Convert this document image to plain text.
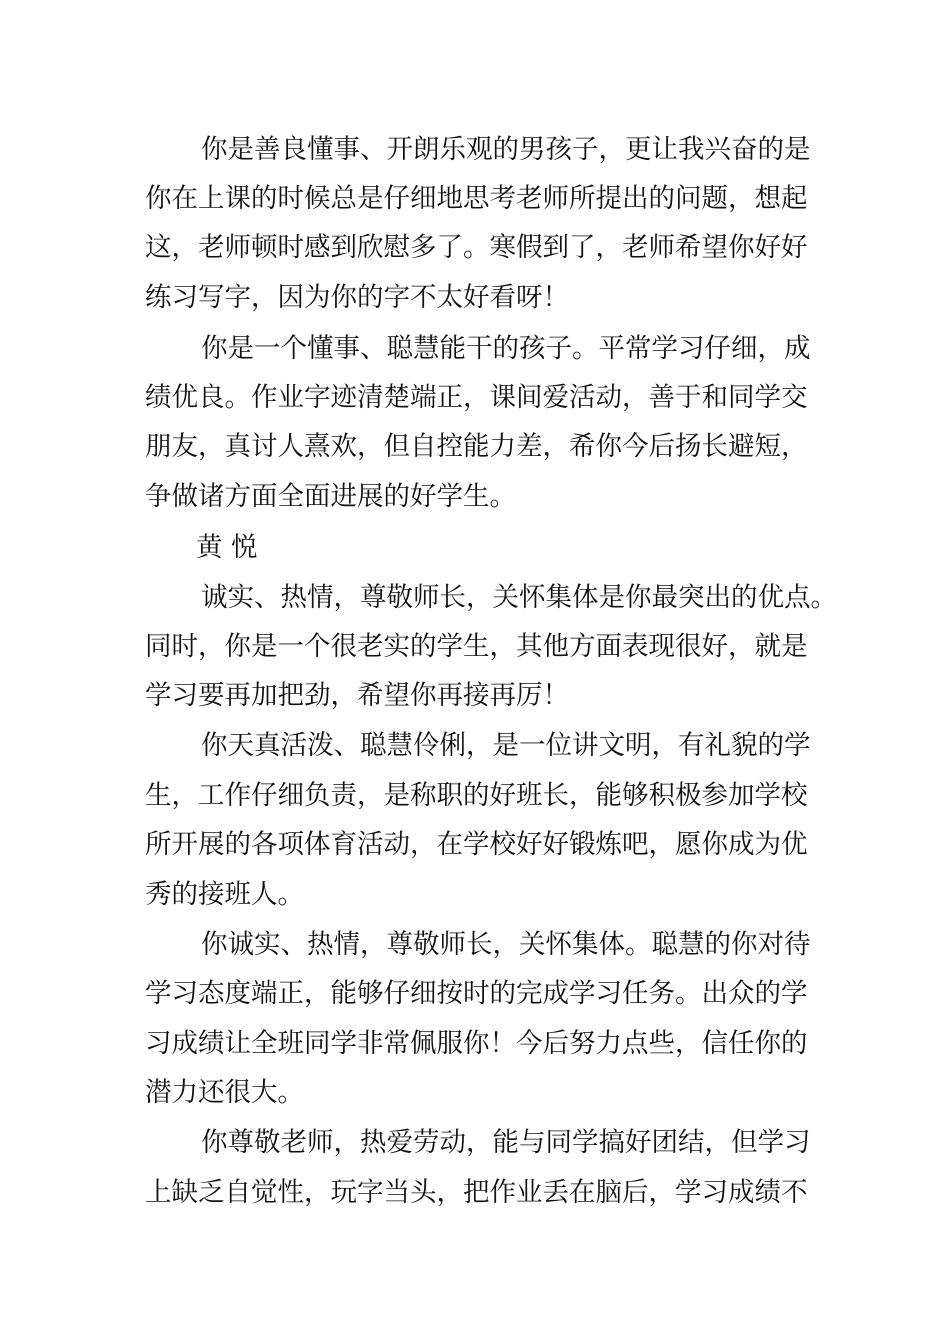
你是善良懂事、开朗乐观的男孩子，更让我兴奋的是
你在上课的时候总是仔细地思考老师所提出的问题，想起
这，老师顿时感到欣慰多了。寒假到了，老师希望你好好
练习写字，因为你的字不太好看呀！
你是一个懂事、聪慧能干的孩子。平常学习仔细，成
绩优良。作业字迹清楚端正，课间爱活动，善于和同学交
朋友，真讨人熹欢，但自控能力差，希你今后扬长避短，
争做诸方面全面进展的好学生。
黄 悦
诚实、热情，尊敬师长，关怀集体是你最突出的优点。
同时，你是一个很老实的学生，其他方面表现很好，就是
学习要再加把劲，希望你再接再厉！
你天真活泼、聪慧伶俐，是一位讲文明，有礼貌的学
生，工作仔细负责，是称职的好班长，能够积极参加学校
所开展的各项体育活动，在学校好好锻炼吧，愿你成为优
秀的接班人。
你诚实、热情，尊敬师长，关怀集体。聪慧的你对待
学习态度端正，能够仔细按时的完成学习任务。出众的学
习成绩让全班同学非常佩服你！今后努力点些，信任你的
潜力还很大。
你尊敬老师，热爱劳动，能与同学搞好团结，但学习
上缺乏自觉性，玩字当头，把作业丢在脑后，学习成绩不
